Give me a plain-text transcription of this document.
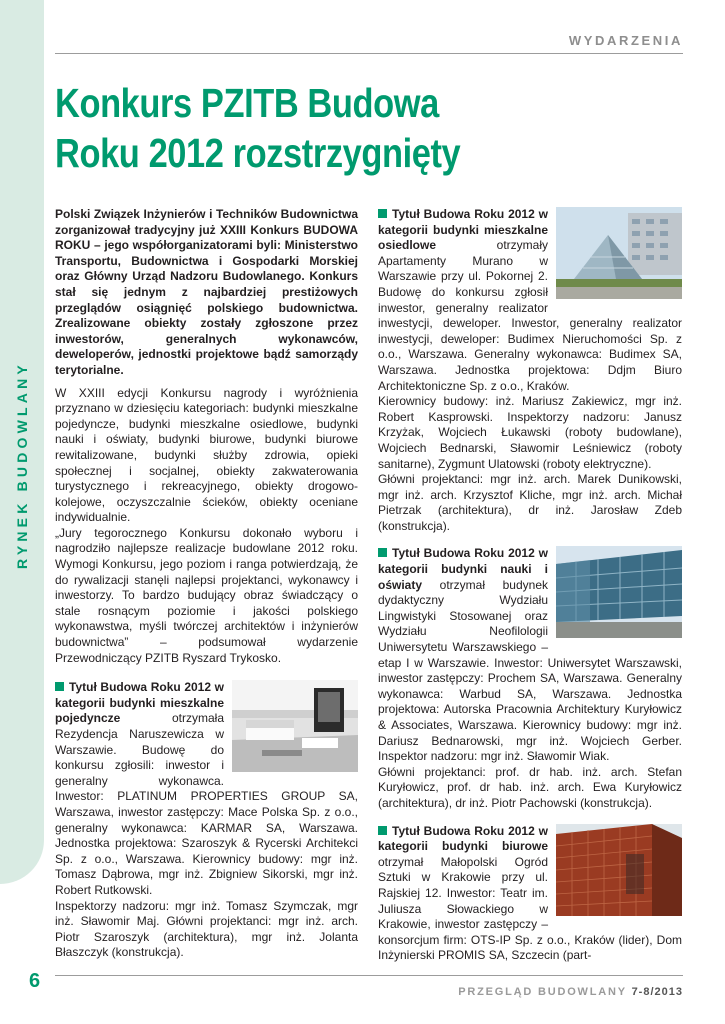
RYNEK BUDOWLANY
WYDARZENIA
Konkurs PZITB Budowa Roku 2012 rozstrzygnięty

Polski Związek Inżynierów i Techników Budownictwa zorganizował tradycyjny już XXIII Konkurs BUDOWA ROKU – jego współorganizatorami byli: Ministerstwo Transportu, Budownictwa i Gospodarki Morskiej oraz Główny Urząd Nadzoru Budowlanego. Konkurs stał się jednym z najbardziej prestiżowych przeglądów osiągnięć polskiego budownictwa. Zrealizowane obiekty zostały zgłoszone przez inwestorów, generalnych wykonawców, deweloperów, jednostki projektowe bądź samorządy terytorialne.

W XXIII edycji Konkursu nagrody i wyróżnienia przyznano w dziesięciu kategoriach: budynki mieszkalne pojedyncze, budynki mieszkalne osiedlowe, budynki nauki i oświaty, budynki biurowe, budynki biurowe rewitalizowane, budynki służby zdrowia, opieki społecznej i socjalnej, obiekty zakwaterowania turystycznego i rekreacyjnego, obiekty drogowo-kolejowe, oczyszczalnie ścieków, obiekty oceniane indywidualnie.

„Jury tegorocznego Konkursu dokonało wyboru i nagrodziło najlepsze realizacje budowlane 2012 roku. Wymogi Konkursu, jego poziom i ranga potwierdzają, że do rywalizacji stanęli najlepsi projektanci, wykonawcy i inwestorzy. To bardzo budujący obraz świadczący o stale rosnącym poziomie i jakości polskiego wykonawstwa, myśli twórczej architektów i inżynierów budownictwa” – podsumował wydarzenie Przewodniczący PZITB Ryszard Trykosko.

Tytuł Budowa Roku 2012 w kategorii budynki mieszkalne pojedyncze	otrzymała Rezydencja Naruszewicza w Warszawie. Budowę do konkursu zgłosili: inwestor i generalny wykonawca. Inwestor: PLATINUM PROPERTIES GROUP SA, Warszawa, inwestor zastępczy: Mace Polska Sp. z o.o., generalny wykonawca: KARMAR SA, Warszawa. Jednostka projektowa: Szaroszyk & Rycerski Architekci Sp. z o.o., Warszawa. Kierownicy budowy: mgr inż. Tomasz Dąbrowa, mgr inż. Zbigniew Sikorski, mgr inż. Robert Rutkowski.
Inspektorzy nadzoru: mgr inż. Tomasz Szymczak, mgr inż. Sławomir Maj. Główni projektanci: mgr inż. arch. Piotr Szaroszyk (architektura), mgr inż. Jolanta Błaszczyk (konstrukcja).
Tytuł Budowa Roku 2012 w kategorii budynki mieszkalne osiedlowe	otrzymały Apartamenty Murano w Warszawie przy ul. Pokornej 2. Budowę do konkursu zgłosił inwestor, generalny realizator inwestycji, deweloper. Inwestor, generalny realizator inwestycji, deweloper: Budimex Nieruchomości Sp. z o.o., Warszawa. Generalny wykonawca: Budimex SA, Warszawa. Jednostka projektowa: Ddjm Biuro Architektoniczne Sp. z o.o., Kraków.
Kierownicy budowy: inż. Mariusz Zakiewicz, mgr inż. Robert Kasprowski. Inspektorzy nadzoru: Janusz Krzyżak, Wojciech Łukawski (roboty budowlane), Wojciech Bednarski, Sławomir Leśniewicz (roboty sanitarne), Zygmunt Ulatowski (roboty elektryczne).
Główni projektanci: mgr inż. arch. Marek Dunikowski, mgr inż. arch. Krzysztof Kliche, mgr inż. arch. Michał Pietrzak (architektura), dr inż. Jarosław Zdeb (konstrukcja).
Tytuł Budowa Roku 2012 w kategorii budynki nauki i oświaty otrzymał budynek dydaktyczny Wydziału Lingwistyki Stosowanej oraz Wydziału Neofilologii Uniwersytetu Warszawskiego – etap I w Warszawie. Inwestor: Uniwersytet Warszawski, inwestor zastępczy: Prochem SA, Warszawa. Generalny wykonawca: Warbud SA, Warszawa. Jednostka projektowa: Autorska Pracownia Architektury Kuryłowicz & Associates, Warszawa. Kierownicy budowy: mgr inż. Dariusz Bednarowski, mgr inż. Wojciech Gerber. Inspektor nadzoru: mgr inż. Sławomir Wiak.
Główni projektanci: prof. dr hab. inż. arch. Stefan Kuryłowicz, prof. dr hab. inż. arch. Ewa Kuryłowicz (architektura), dr inż. Piotr Pachowski (konstrukcja).
Tytuł Budowa Roku 2012 w kategorii budynki biurowe otrzymał Małopolski Ogród Sztuki w Krakowie przy ul. Rajskiej 12. Inwestor: Teatr im. Juliusza Słowackiego w Krakowie, inwestor zastępczy – konsorcjum firm: OTS-IP Sp. z o.o., Kraków (lider), Dom Inżynierski PROMIS SA, Szczecin (part-
6	PRZEGLĄD BUDOWLANY 7-8/2013
